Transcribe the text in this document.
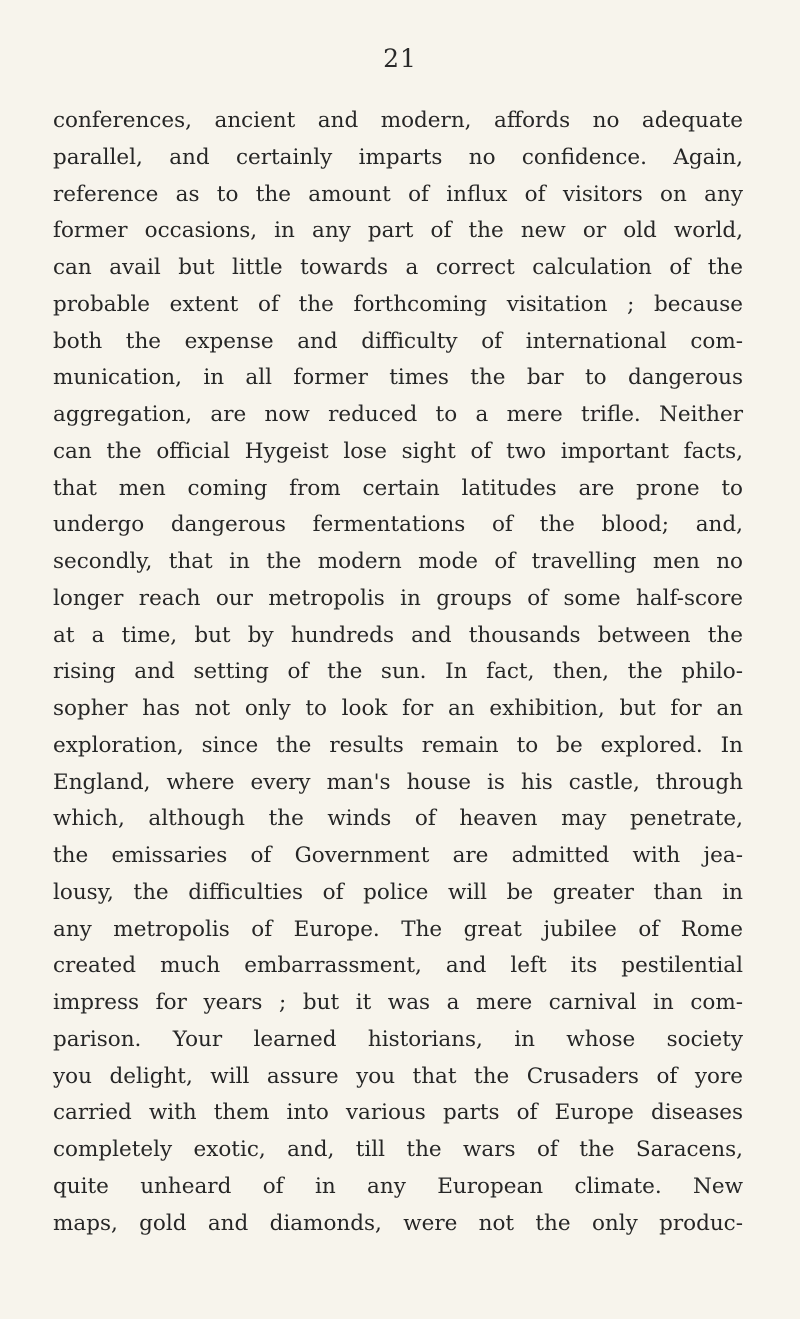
21
conferences, ancient and modern, affords no adequate
parallel, and certainly imparts no confidence. Again,
reference as to the amount of influx of visitors on any
former occasions, in any part of the new or old world,
can avail but little towards a correct calculation of the
probable extent of the forthcoming visitation ; because
both the expense and difficulty of international com-
munication, in all former times the bar to dangerous
aggregation, are now reduced to a mere trifle. Neither
can the official Hygeist lose sight of two important facts,
that men coming from certain latitudes are prone to
undergo dangerous fermentations of the blood; and,
secondly, that in the modern mode of travelling men no
longer reach our metropolis in groups of some half-score
at a time, but by hundreds and thousands between the
rising and setting of the sun. In fact, then, the philo-
sopher has not only to look for an exhibition, but for an
exploration, since the results remain to be explored. In
England, where every man's house is his castle, through
which, although the winds of heaven may penetrate,
the emissaries of Government are admitted with jea-
lousy, the difficulties of police will be greater than in
any metropolis of Europe. The great jubilee of Rome
created much embarrassment, and left its pestilential
impress for years ; but it was a mere carnival in com-
parison. Your learned historians, in whose society
you delight, will assure you that the Crusaders of yore
carried with them into various parts of Europe diseases
completely exotic, and, till the wars of the Saracens,
quite unheard of in any European climate. New
maps, gold and diamonds, were not the only produc-
